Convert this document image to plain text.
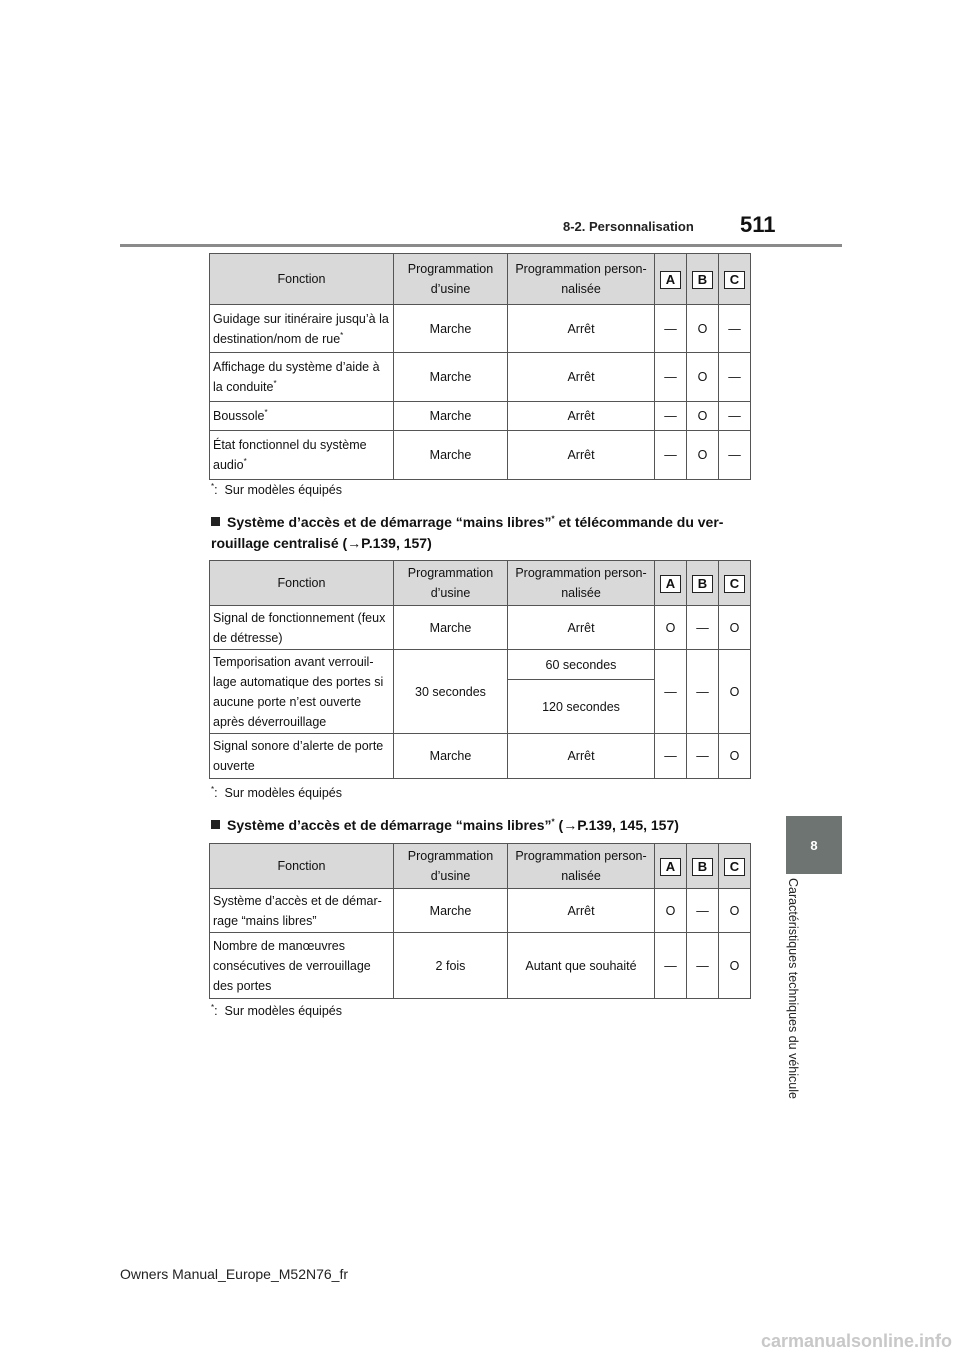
8-2. Personnalisation 511
8
Caractéristiques techniques du véhicule
Fonction	Programmation d’usine	Programmation person-nalisée	A	B	C
Guidage sur itinéraire jusqu’à la destination/nom de rue*	Marche	Arrêt	—	O	—
Affichage du système d’aide à la conduite*	Marche	Arrêt	—	O	—
Boussole*	Marche	Arrêt	—	O	—
État fonctionnel du système audio*	Marche	Arrêt	—	O	—
*:  Sur modèles équipés
Système d’accès et de démarrage “mains libres”* et télécommande du ver-rouillage centralisé (→P.139, 157)
Fonction	Programmation d’usine	Programmation person-nalisée	A	B	C
Signal de fonctionnement (feux de détresse)	Marche	Arrêt	O	—	O
Temporisation avant verrouil-lage automatique des portes si aucune porte n’est ouverte après déverrouillage	30 secondes	60 secondes	—	—	O
		120 secondes			
Signal sonore d’alerte de porte ouverte	Marche	Arrêt	—	—	O
*:  Sur modèles équipés
Système d’accès et de démarrage “mains libres”* (→P.139, 145, 157)
Fonction	Programmation d’usine	Programmation person-nalisée	A	B	C
Système d’accès et de démar-rage “mains libres”	Marche	Arrêt	O	—	O
Nombre de manœuvres consécutives de verrouillage des portes	2 fois	Autant que souhaité	—	—	O
*:  Sur modèles équipés
Owners Manual_Europe_M52N76_fr
carmanualsonline.info
